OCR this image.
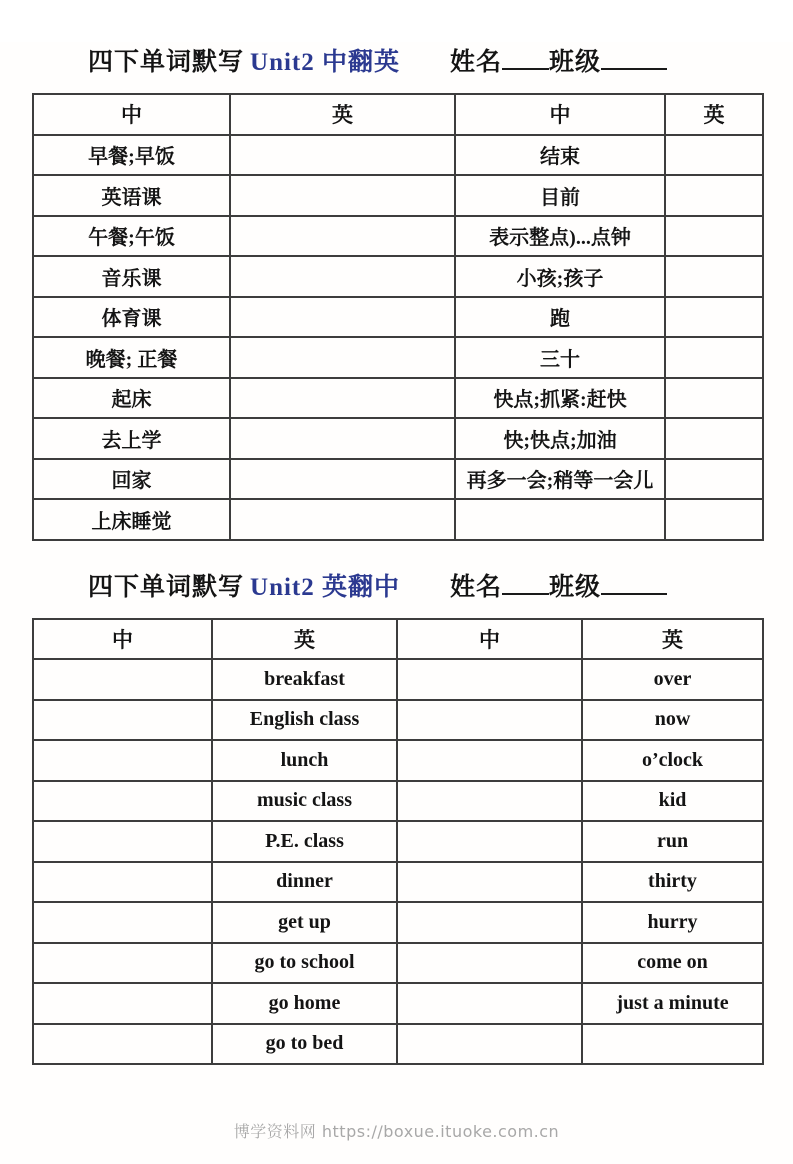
四下单词默写 Unit2 中翻英 姓名 班级
中	英	中	英
早餐;早饭		结束	
英语课		目前	
午餐;午饭		表示整点)...点钟	
音乐课		小孩;孩子	
体育课		跑	
晚餐; 正餐		三十	
起床		快点;抓紧:赶快	
去上学		快;快点;加油	
回家		再多一会;稍等一会儿	
上床睡觉			
四下单词默写 Unit2 英翻中 姓名 班级
中	英	中	英
	breakfast		over
	English class		now
	lunch		o’clock
	music class		kid
	P.E. class		run
	dinner		thirty
	get up		hurry
	go to school		come on
	go home		just a minute
	go to bed		
博学资料网 https://boxue.ituoke.com.cn
